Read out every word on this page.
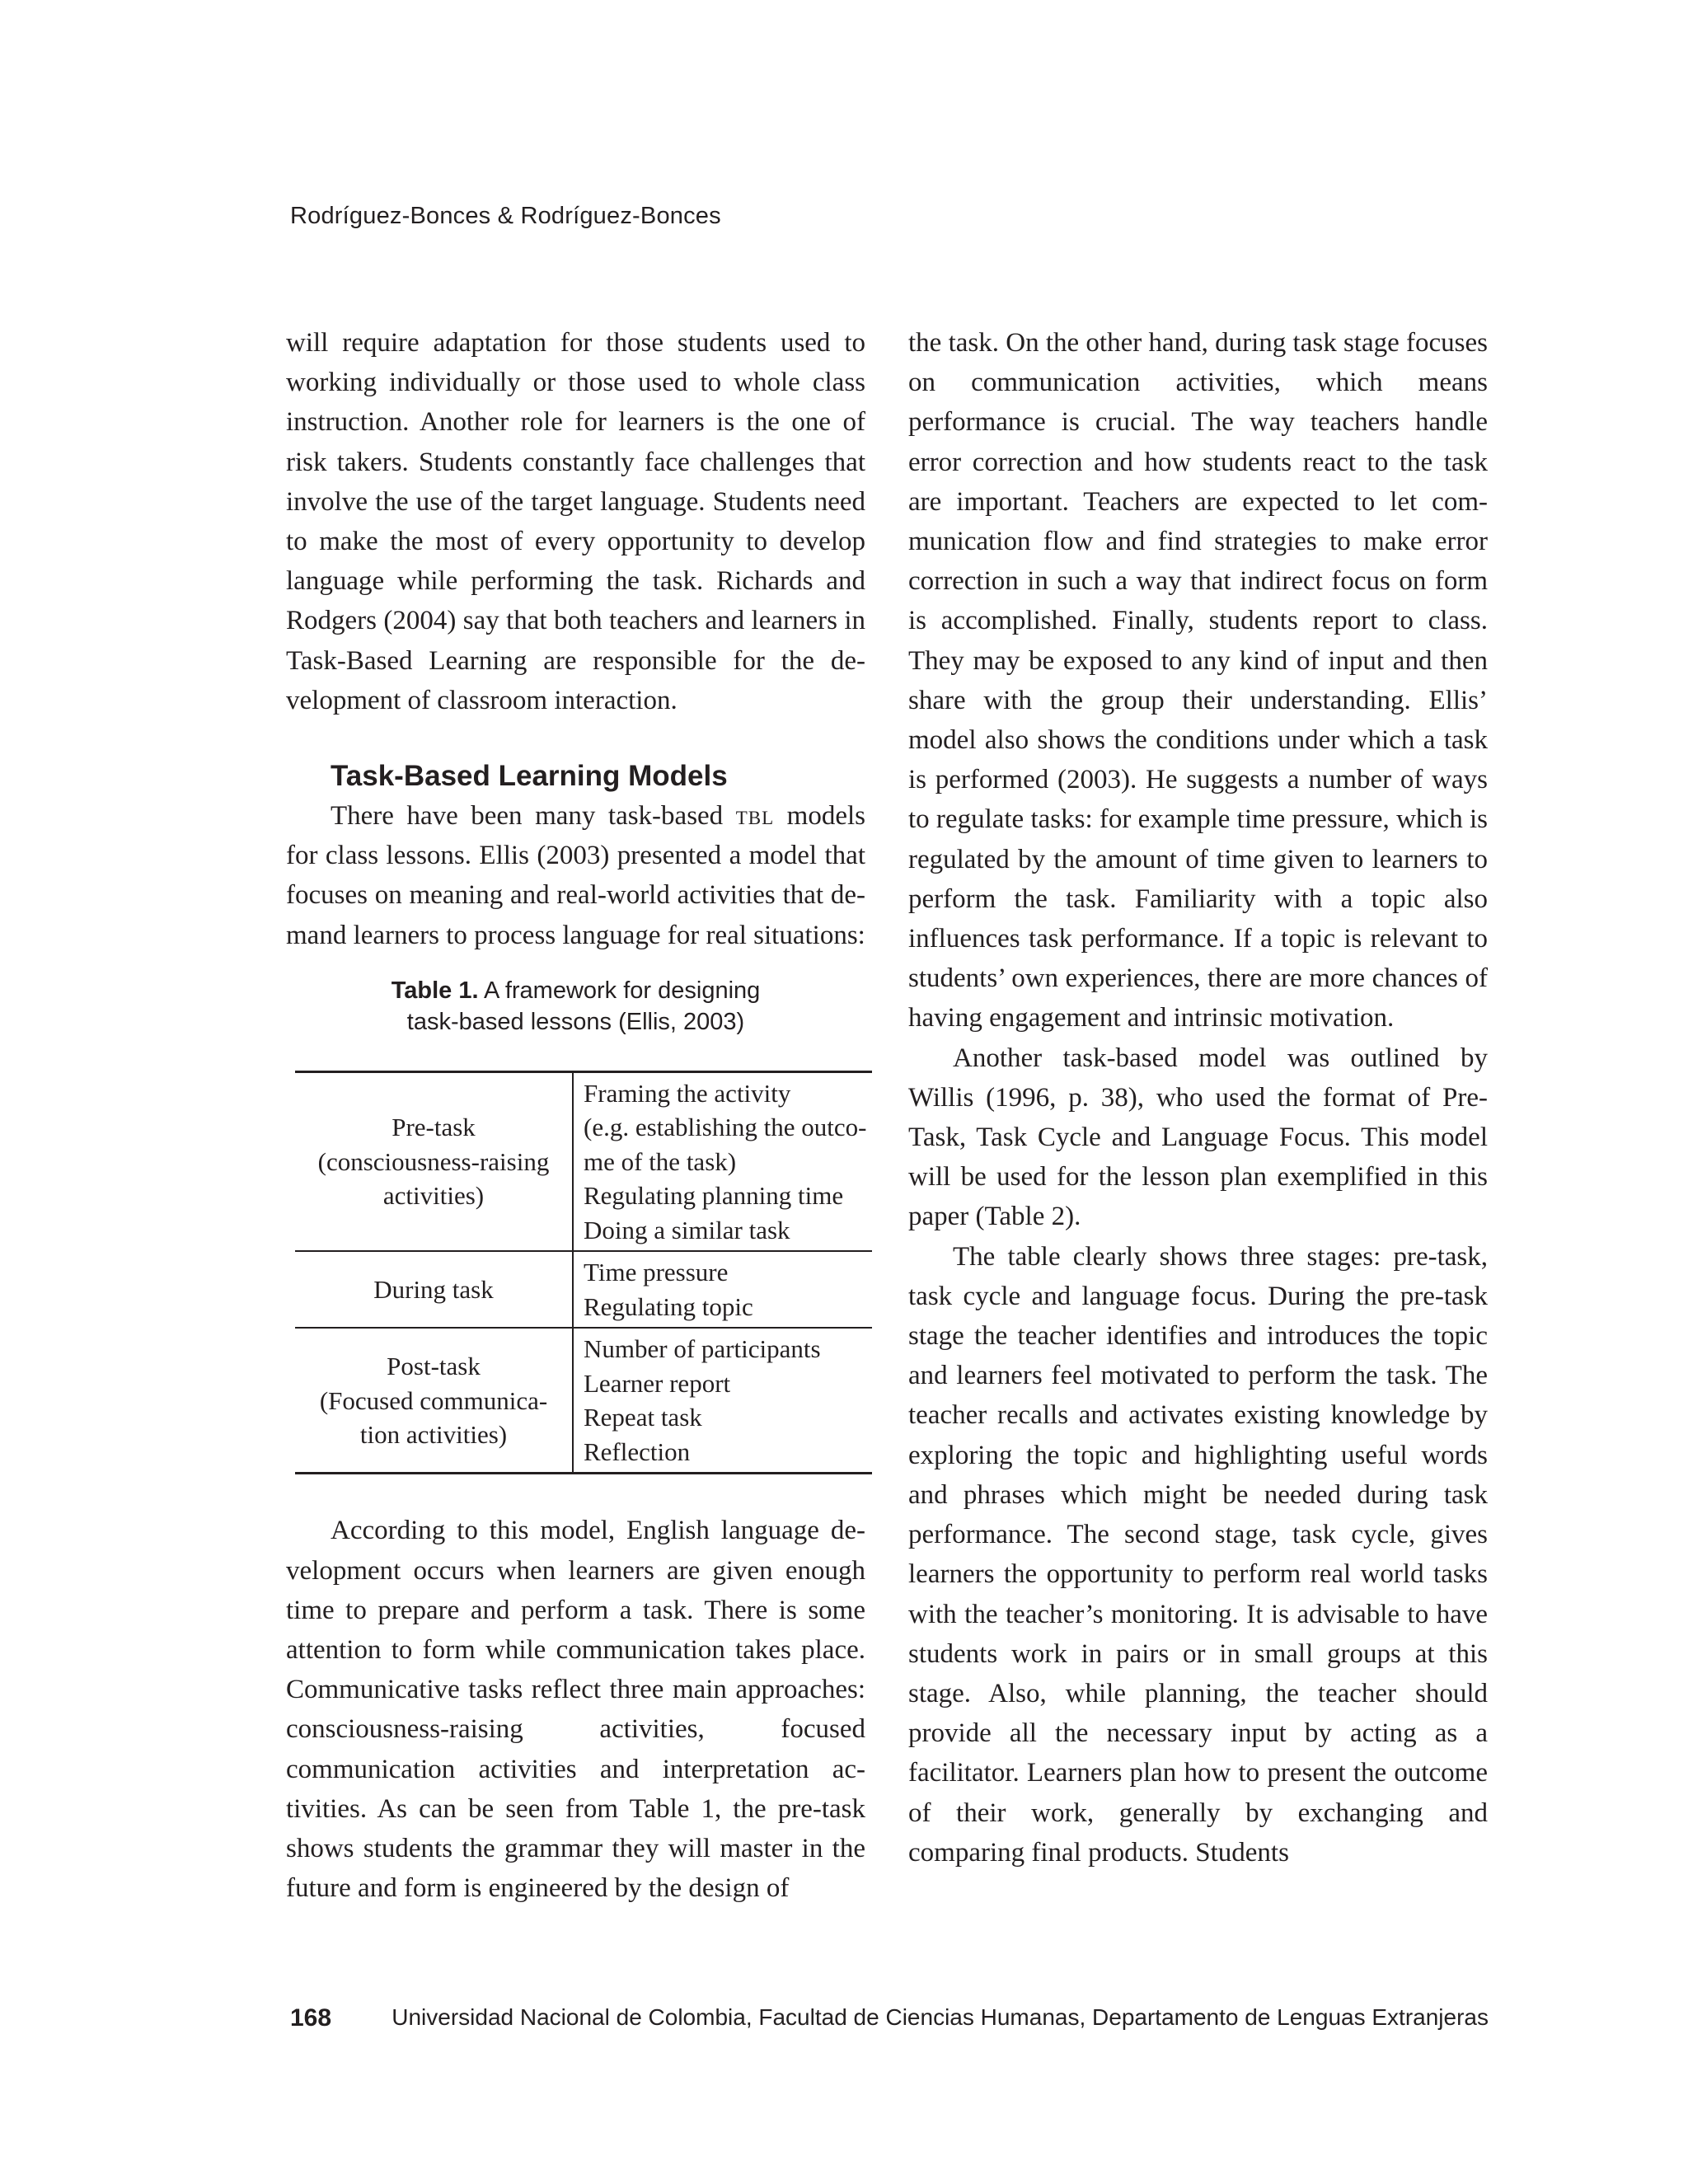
Rodríguez-Bonces & Rodríguez-Bonces

will require adaptation for those students used to working individually or those used to whole class instruction. Another role for learners is the one of risk takers. Students constantly face challenges that involve the use of the target language. Students need to make the most of every opportunity to develop language while performing the task. Richards and Rodgers (2004) say that both teachers and learners in Task-Based Learning are responsible for the development of classroom interaction.

Task-Based Learning Models

There have been many task-based tbl models for class lessons. Ellis (2003) presented a model that focuses on meaning and real-world activities that demand learners to process language for real situations:

Table 1. A framework for designing
task-based lessons (Ellis, 2003)
Pre-task
(consciousness-raising
activities)	Framing the activity
(e.g. establishing the outco-
me of the task)
Regulating planning time
Doing a similar task

During task	Time pressure
Regulating topic

Post-task
(Focused communica-
tion activities)	Number of participants
Learner report
Repeat task
Reflection

According to this model, English language development occurs when learners are given enough time to prepare and perform a task. There is some attention to form while communication takes place. Communicative tasks reflect three main approaches: consciousness-raising activities, focused communication activities and interpretation activities. As can be seen from Table 1, the pre-task shows students the grammar they will master in the future and form is engineered by the design of

the task. On the other hand, during task stage focuses on communication activities, which means performance is crucial. The way teachers handle error correction and how students react to the task are important. Teachers are expected to let communication flow and find strategies to make error correction in such a way that indirect focus on form is accomplished. Finally, students report to class. They may be exposed to any kind of input and then share with the group their understanding. Ellis’ model also shows the conditions under which a task is performed (2003). He suggests a number of ways to regulate tasks: for example time pressure, which is regulated by the amount of time given to learners to perform the task. Familiarity with a topic also influences task performance. If a topic is relevant to students’ own experiences, there are more chances of having engagement and intrinsic motivation.

Another task-based model was outlined by Willis (1996, p. 38), who used the format of Pre-Task, Task Cycle and Language Focus. This model will be used for the lesson plan exemplified in this paper (Table 2).

The table clearly shows three stages: pre-task, task cycle and language focus. During the pre-task stage the teacher identifies and introduces the topic and learners feel motivated to perform the task. The teacher recalls and activates existing knowledge by exploring the topic and highlighting useful words and phrases which might be needed during task performance. The second stage, task cycle, gives learners the opportunity to perform real world tasks with the teacher’s monitoring. It is advisable to have students work in pairs or in small groups at this stage. Also, while planning, the teacher should provide all the necessary input by acting as a facilitator. Learners plan how to present the outcome of their work, generally by exchanging and comparing final products. Students

168	Universidad Nacional de Colombia, Facultad de Ciencias Humanas, Departamento de Lenguas Extranjeras
